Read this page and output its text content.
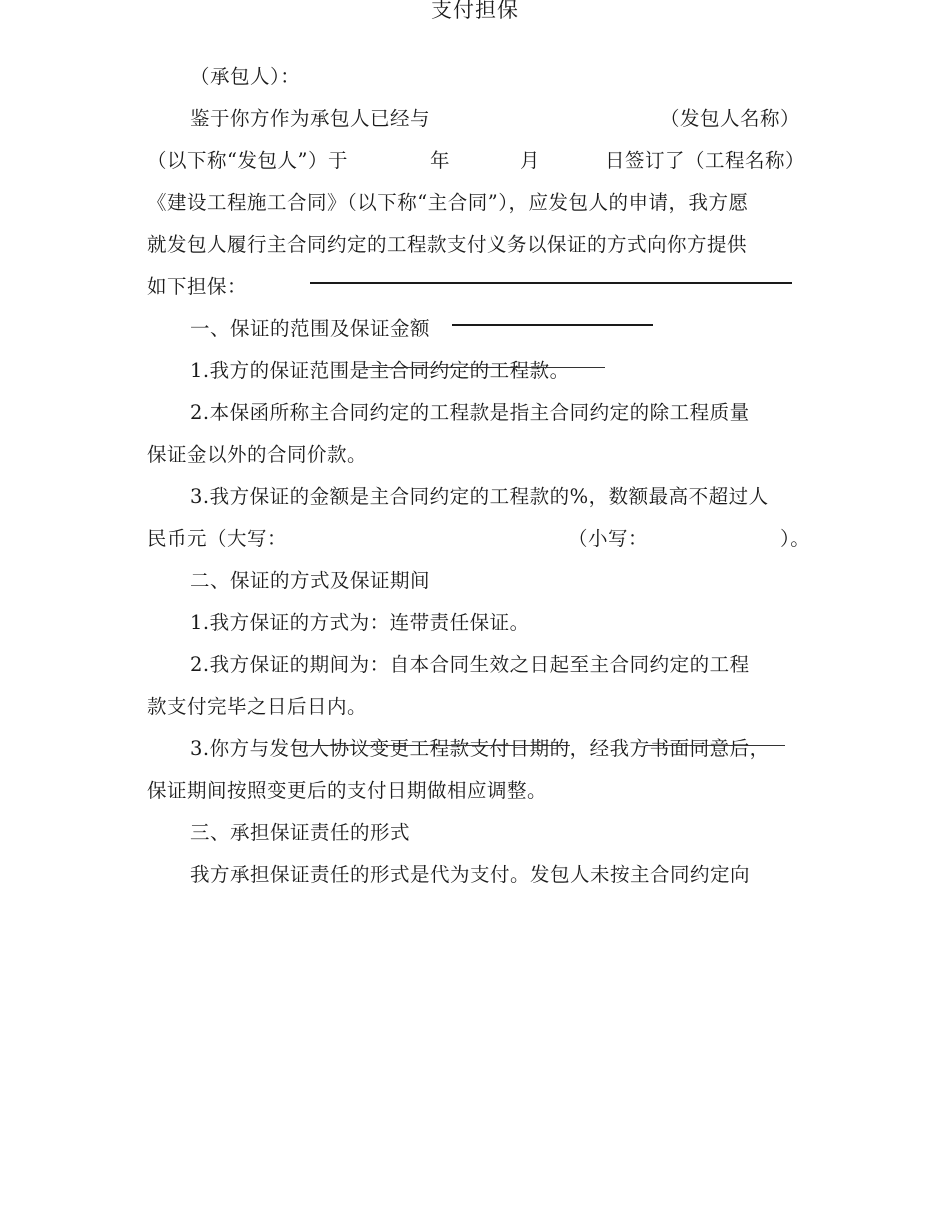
支付担保
（承包人）：
鉴于你方作为承包人已经与	（发包人名称）
（以下称“发包人”）于	年	月	日签订了（工程名称）
《建设工程施工合同》（以下称“主合同”），应发包人的申请，我方愿
就发包人履行主合同约定的工程款支付义务以保证的方式向你方提供
如下担保：
一、保证的范围及保证金额
1.我方的保证范围是主合同约定的工程款。
2.本保函所称主合同约定的工程款是指主合同约定的除工程质量
保证金以外的合同价款。
3.我方保证的金额是主合同约定的工程款的%，数额最高不超过人
民币元（大写：	（小写：	）。
二、保证的方式及保证期间
1.我方保证的方式为：连带责任保证。
2.我方保证的期间为：自本合同生效之日起至主合同约定的工程
款支付完毕之日后日内。
3.你方与发包人协议变更工程款支付日期的，经我方书面同意后，
保证期间按照变更后的支付日期做相应调整。
三、承担保证责任的形式
我方承担保证责任的形式是代为支付。发包人未按主合同约定向
